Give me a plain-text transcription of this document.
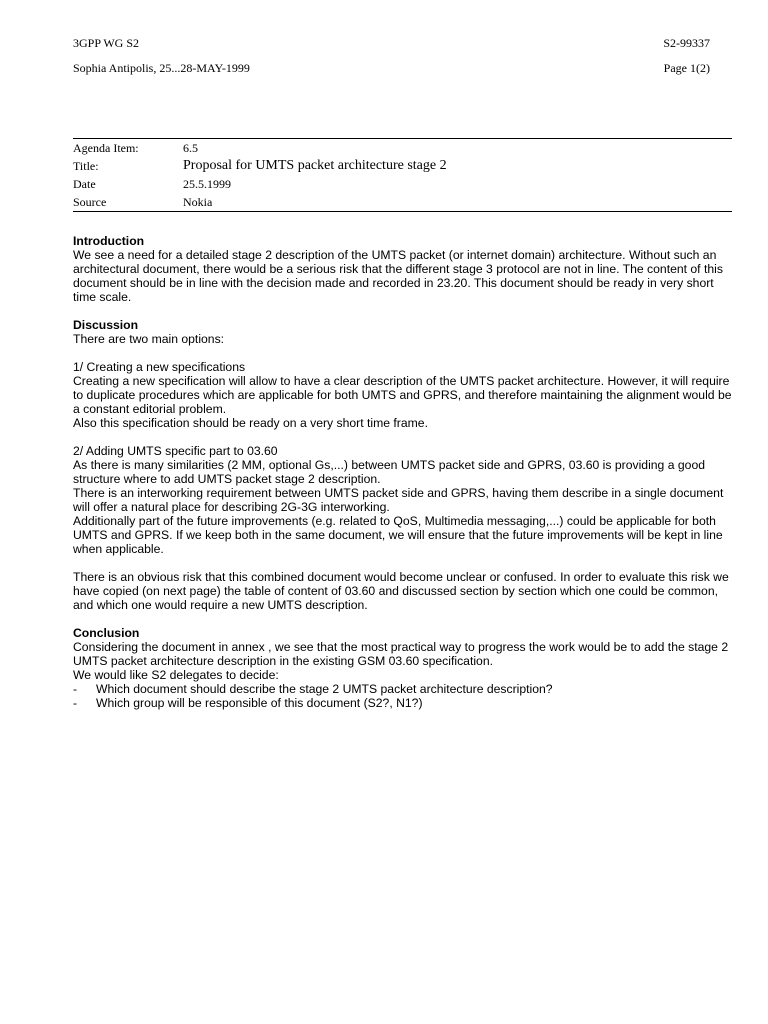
3GPP WG S2	S2-99337
Sophia Antipolis, 25...28-MAY-1999	Page 1(2)
Agenda Item:	6.5
Title:	Proposal for UMTS packet architecture stage 2
Date	25.5.1999
Source	Nokia

Introduction

We see a need for a detailed stage 2 description of the UMTS packet (or internet domain) architecture. Without such an architectural document, there would be a serious risk that the different stage 3 protocol are not in line. The content of this document should be in line with the decision made and recorded in 23.20. This document should be ready in very short time scale.

Discussion

There are two main options:

1/ Creating a new specifications

Creating a new specification will allow to have a clear description of the UMTS packet architecture. However, it will require to duplicate procedures which are applicable for both UMTS and GPRS, and therefore maintaining the alignment would be a constant editorial problem.

Also this specification should be ready on a very short time frame.

2/ Adding UMTS specific part to 03.60

As there is many similarities (2 MM, optional Gs,...) between UMTS packet side and GPRS, 03.60 is providing a good structure where to add UMTS packet stage 2 description.

There is an interworking requirement between UMTS packet side and GPRS, having them describe in a single document will offer a natural place for describing 2G-3G interworking.

Additionally part of the future improvements (e.g. related to QoS, Multimedia messaging,...) could be applicable for both UMTS and GPRS. If we keep both in the same document, we will ensure that the future improvements will be kept in line when applicable.

There is an obvious risk that this combined document would become unclear or confused. In order to evaluate this risk we have copied (on next page) the table of content of 03.60 and discussed section by section which one could be common, and which one would require a new UMTS description.

Conclusion

Considering the document in annex , we see that the most practical way to progress the work would be to add the stage 2 UMTS packet architecture description in the existing GSM 03.60 specification.

We would like S2 delegates to decide:

-	Which document should describe the stage 2 UMTS packet architecture description?
-	Which group will be responsible of this document (S2?, N1?)
